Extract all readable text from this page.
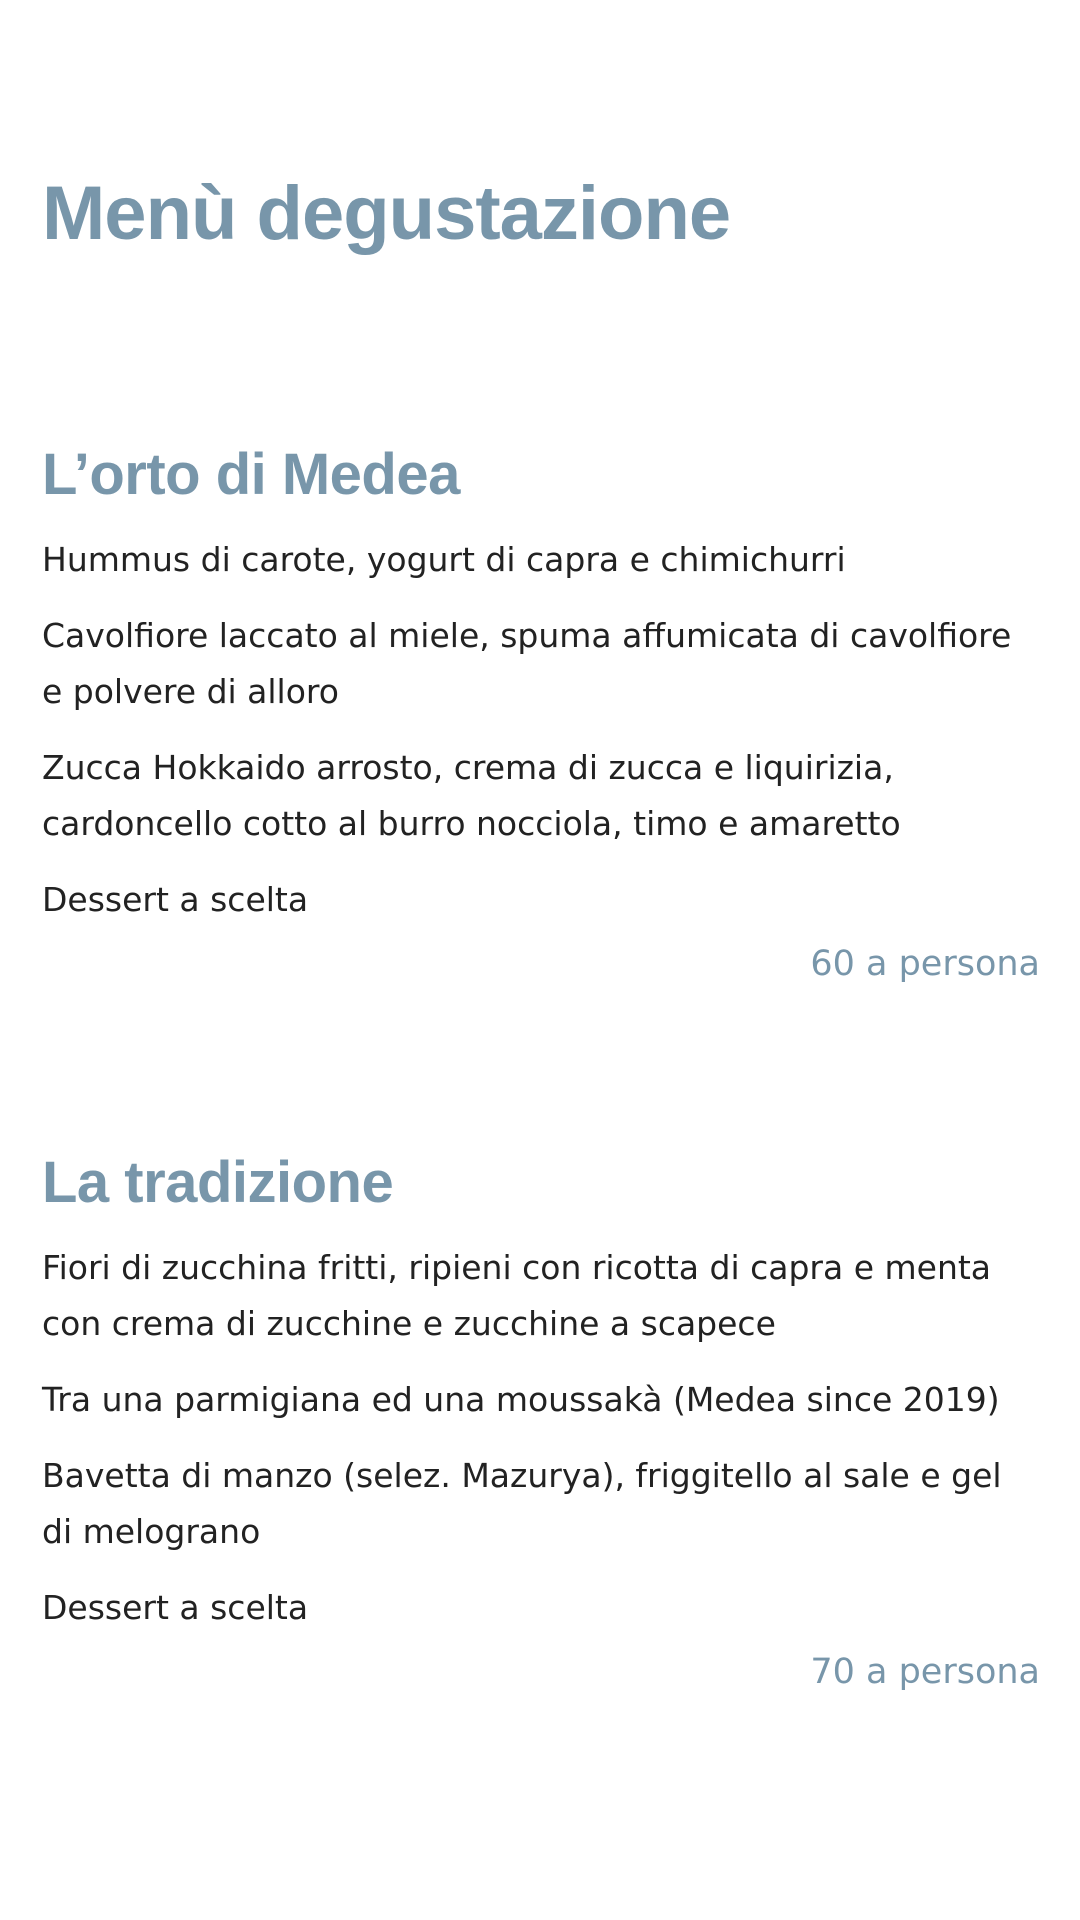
Menù degustazione
L’orto di Medea
Hummus di carote, yogurt di capra e chimichurri
Cavolfiore laccato al miele, spuma affumicata di cavolfiore e polvere di alloro
Zucca Hokkaido arrosto, crema di zucca e liquirizia, cardoncello cotto al burro nocciola, timo e amaretto
Dessert a scelta
60 a persona
La tradizione
Fiori di zucchina fritti, ripieni con ricotta di capra e menta con crema di zucchine e zucchine a scapece
Tra una parmigiana ed una moussakà (Medea since 2019)
Bavetta di manzo (selez. Mazurya), friggitello al sale e gel di melograno
Dessert a scelta
70 a persona
